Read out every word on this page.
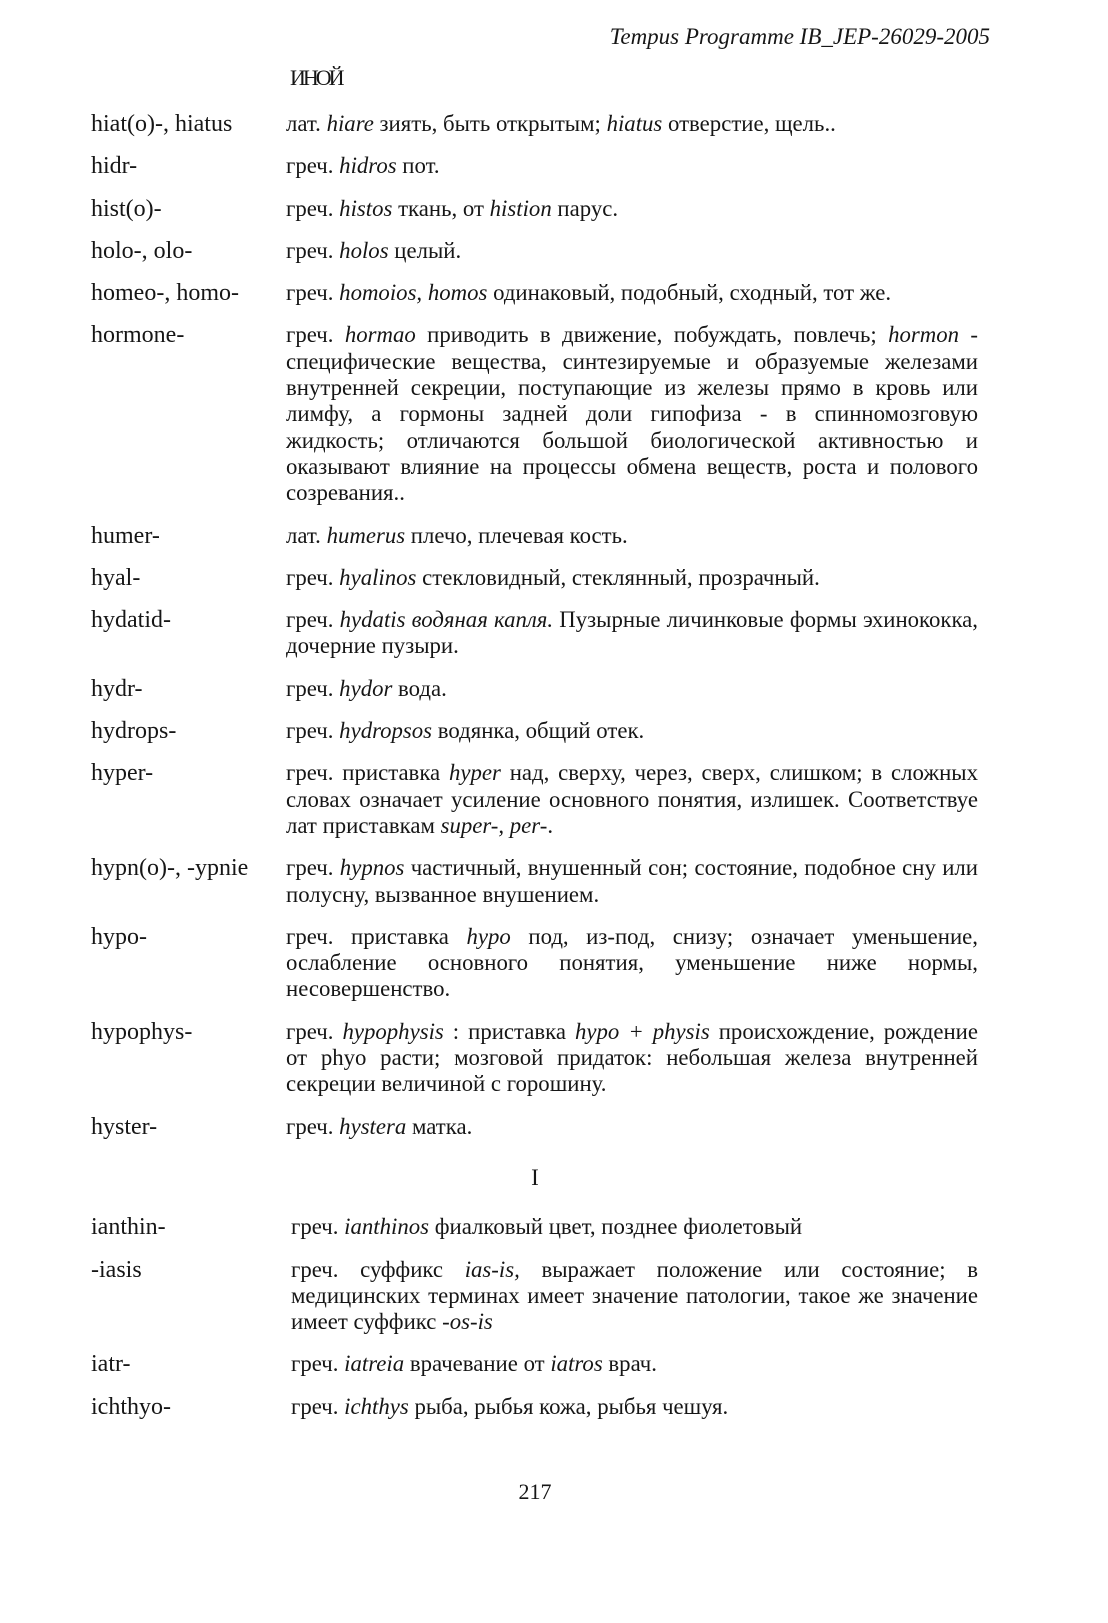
Tempus Programme IB_JEP-26029-2005
ИНОЙ
hiat(o)-, hiatus	лат. hiare зиять, быть открытым; hiatus отверстие, щель..
hidr-	греч. hidros пот.
hist(o)-	греч. histos ткань, от histion парус.
holo-, olo-	греч. holos целый.
homeo-, homo-	греч. homoios, homos одинаковый, подобный, сходный, тот же.
hormone-	греч. hormao приводить в движение, побуждать, повлечь; hormon - специфические вещества, синтезируемые и образуемые железами внутренней секреции, поступающие из железы прямо в кровь или лимфу, а гормоны задней доли гипофиза - в спинномозговую жидкость; отличаются большой биологической активностью и оказывают влияние на процессы обмена веществ, роста и полового созревания..
humer-	лат. humerus плечо, плечевая кость.
hyal-	греч. hyalinos стекловидный, стеклянный, прозрачный.
hydatid-	греч. hydatis водяная капля. Пузырные личинковые формы эхинококка, дочерние пузыри.
hydr-	греч. hydor вода.
hydrops-	греч. hydropsos водянка, общий отек.
hyper-	греч. приставка hyper над, сверху, через, сверх, слишком; в сложных словах означает усиление основного понятия, излишек. Соответствуе лат приставкам super-, per-.
hypn(o)-, -ypnie	греч. hypnos частичный, внушенный сон; состояние, подобное сну или полусну, вызванное внушением.
hypo-	греч. приставка hypo под, из-под, снизу; означает уменьшение, ослабление основного понятия, уменьшение ниже нормы, несовершенство.
hypophys-	греч. hypophysis : приставка hypo + physis происхождение, рождение от phyo расти; мозговой придаток: небольшая железа внутренней секреции величиной с горошину.
hyster-	греч. hystera матка.
I
ianthin-	греч. ianthinos фиалковый цвет, позднее фиолетовый
-iasis	греч. суффикс ias-is, выражает положение или состояние; в медицинских терминах имеет значение патологии, такое же значение имеет суффикс -os-is
iatr-	греч. iatreia врачевание от iatros врач.
ichthyo-	греч. ichthys рыба, рыбья кожа, рыбья чешуя.
217
